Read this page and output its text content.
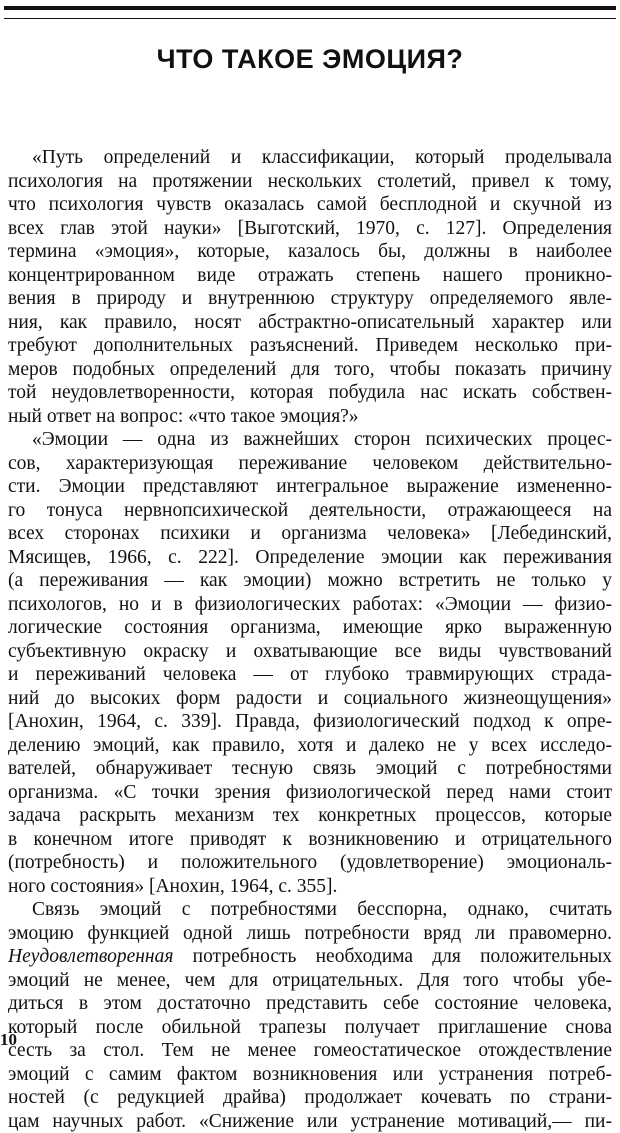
ЧТО ТАКОЕ ЭМОЦИЯ?
«Путь определений и классификации, который проделывала
психология на протяжении нескольких столетий, привел к тому,
что психология чувств оказалась самой бесплодной и скучной из
всех глав этой науки» [Выготский, 1970, с. 127]. Определения
термина «эмоция», которые, казалось бы, должны в наиболее
концентрированном виде отражать степень нашего проникно-
вения в природу и внутреннюю структуру определяемого явле-
ния, как правило, носят абстрактно-описательный характер или
требуют дополнительных разъяснений. Приведем несколько при-
меров подобных определений для того, чтобы показать причину
той неудовлетворенности, которая побудила нас искать собствен-
ный ответ на вопрос: «что такое эмоция?»
«Эмоции — одна из важнейших сторон психических процес-
сов, характеризующая переживание человеком действительно-
сти. Эмоции представляют интегральное выражение измененно-
го тонуса нервнопсихической деятельности, отражающееся на
всех сторонах психики и организма человека» [Лебединский,
Мясищев, 1966, с. 222]. Определение эмоции как переживания
(а переживания — как эмоции) можно встретить не только у
психологов, но и в физиологических работах: «Эмоции — физио-
логические состояния организма, имеющие ярко выраженную
субъективную окраску и охватывающие все виды чувствований
и переживаний человека — от глубоко травмирующих страда-
ний до высоких форм радости и социального жизнеощущения»
[Анохин, 1964, с. 339]. Правда, физиологический подход к опре-
делению эмоций, как правило, хотя и далеко не у всех исследо-
вателей, обнаруживает тесную связь эмоций с потребностями
организма. «С точки зрения физиологической перед нами стоит
задача раскрыть механизм тех конкретных процессов, которые
в конечном итоге приводят к возникновению и отрицательного
(потребность) и положительного (удовлетворение) эмоциональ-
ного состояния» [Анохин, 1964, с. 355].
Связь эмоций с потребностями бесспорна, однако, считать
эмоцию функцией одной лишь потребности вряд ли правомерно.
Неудовлетворенная потребность необходима для положительных
эмоций не менее, чем для отрицательных. Для того чтобы убе-
диться в этом достаточно представить себе состояние человека,
который после обильной трапезы получает приглашение снова
сесть за стол. Тем не менее гомеостатическое отождествление
эмоций с самим фактом возникновения или устранения потреб-
ностей (с редукцией драйва) продолжает кочевать по страни-
цам научных работ. «Снижение или устранение мотиваций,— пи-
10
